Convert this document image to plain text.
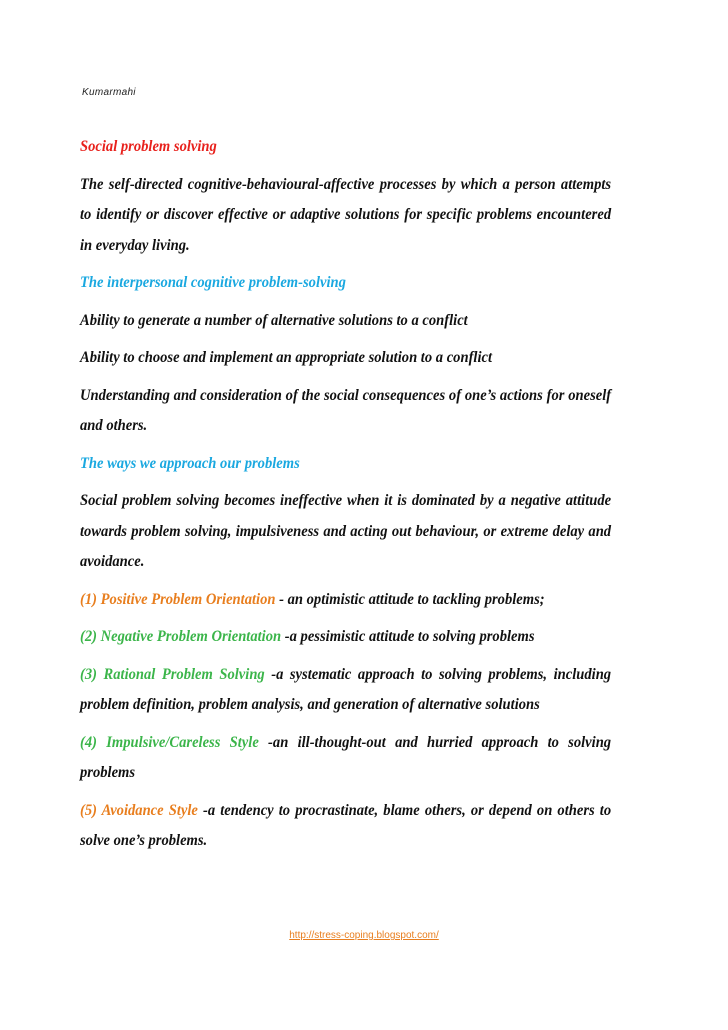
Kumarmahi

Social problem solving

The self-directed cognitive-behavioural-affective processes by which a person attempts to identify or discover effective or adaptive solutions for specific problems encountered in everyday living.

The interpersonal cognitive problem-solving

Ability to generate a number of alternative solutions to a conflict

Ability to choose and implement an appropriate solution to a conflict

Understanding and consideration of the social consequences of one’s actions for oneself and others.

The ways we approach our problems

Social problem solving becomes ineffective when it is dominated by a negative attitude towards problem solving, impulsiveness and acting out behaviour, or extreme delay and avoidance.

(1) Positive Problem Orientation - an optimistic attitude to tackling problems;

(2) Negative Problem Orientation -a pessimistic attitude to solving problems

(3) Rational Problem Solving -a systematic approach to solving problems, including problem definition, problem analysis, and generation of alternative solutions

(4) Impulsive/Careless Style -an ill-thought-out and hurried approach to solving problems

(5) Avoidance Style -a tendency to procrastinate, blame others, or depend on others to solve one’s problems.

http://stress-coping.blogspot.com/
